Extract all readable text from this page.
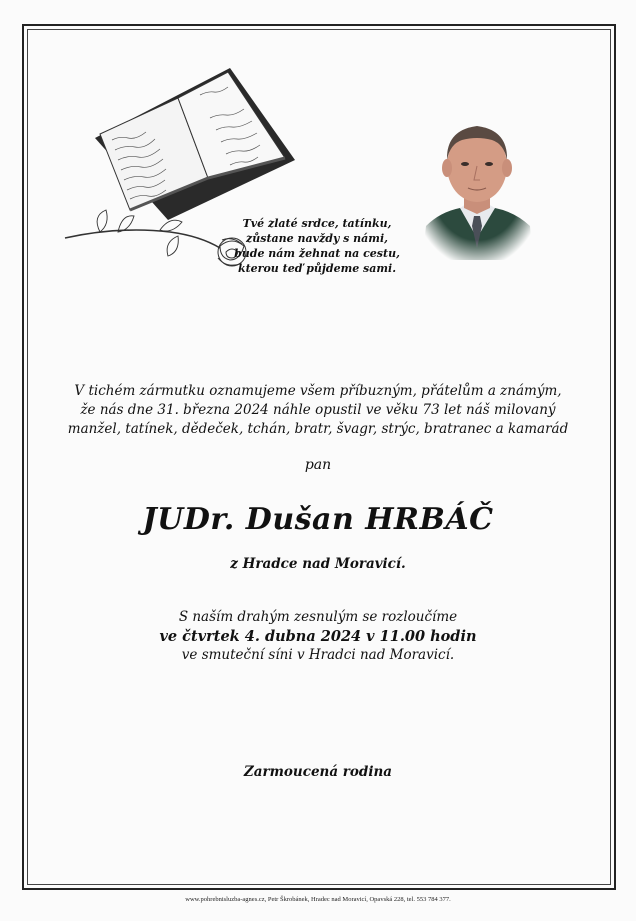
Tvé zlaté srdce, tatínku,
zůstane navždy s námi,
bude nám žehnat na cestu,
kterou teď půjdeme sami.
V tichém zármutku oznamujeme všem příbuzným, přátelům a známým,
že nás dne 31. března 2024 náhle opustil ve věku 73 let náš milovaný
manžel, tatínek, dědeček, tchán, bratr, švagr, strýc, bratranec a kamarád
pan
JUDr. Dušan HRBÁČ
z Hradce nad Moravicí.
S naším drahým zesnulým se rozloučíme
ve čtvrtek 4. dubna 2024 v 11.00 hodin
ve smuteční síni v Hradci nad Moravicí.
Zarmoucená rodina
www.pohrebnisluzba-agnes.cz, Petr Škrobánek, Hradec nad Moravicí, Opavská 228, tel. 553 784 377.
